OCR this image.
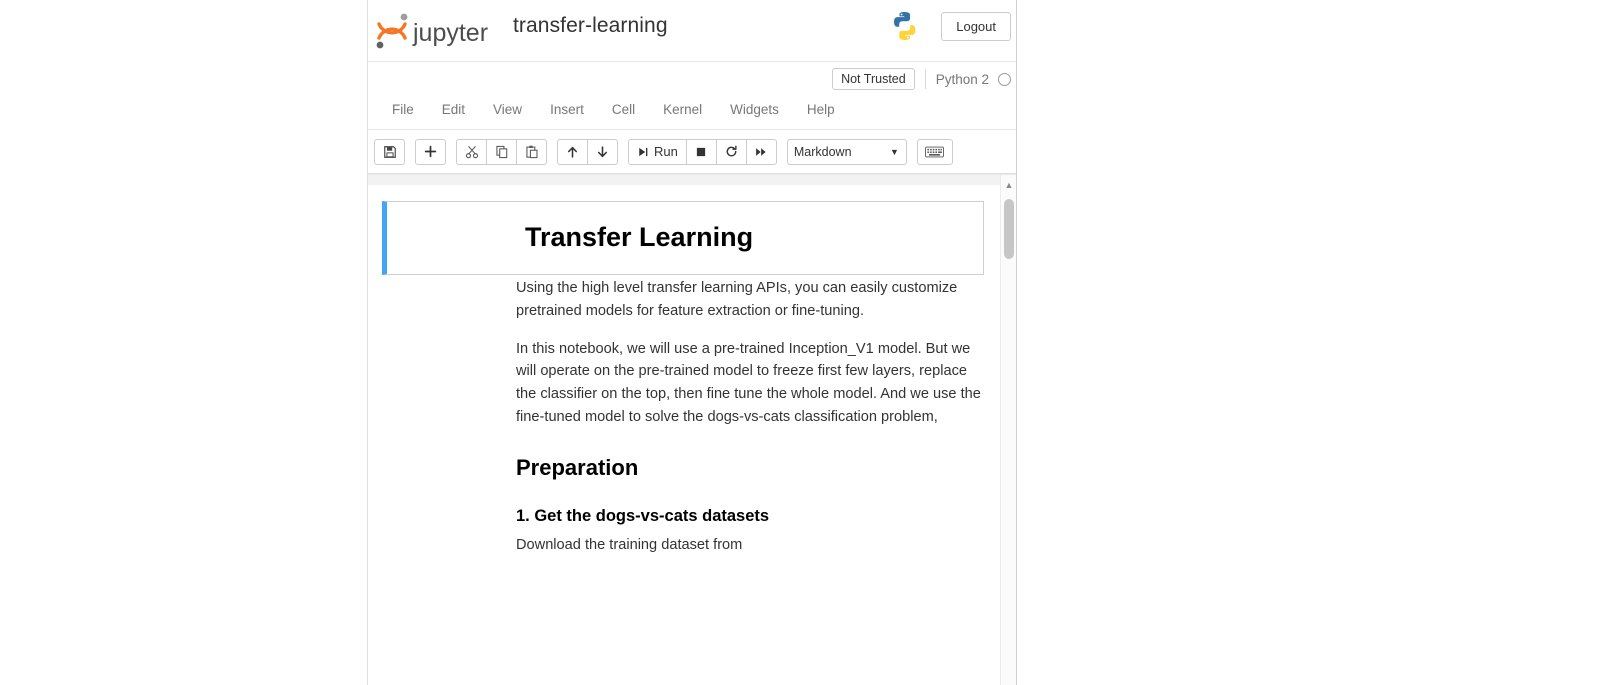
jupyter transfer-learning	Logout
Not Trusted	Python 2
File	Edit	View	Insert	Cell	Kernel	Widgets	Help
Run	Markdown	▼
Transfer Learning

Using the high level transfer learning APIs, you can easily customize pretrained models for feature extraction or fine-tuning.

In this notebook, we will use a pre-trained Inception_V1 model. But we will operate on the pre-trained model to freeze first few layers, replace the classifier on the top, then fine tune the whole model. And we use the fine-tuned model to solve the dogs-vs-cats classification problem,

Preparation
1. Get the dogs-vs-cats datasets

Download the training dataset from

▲
